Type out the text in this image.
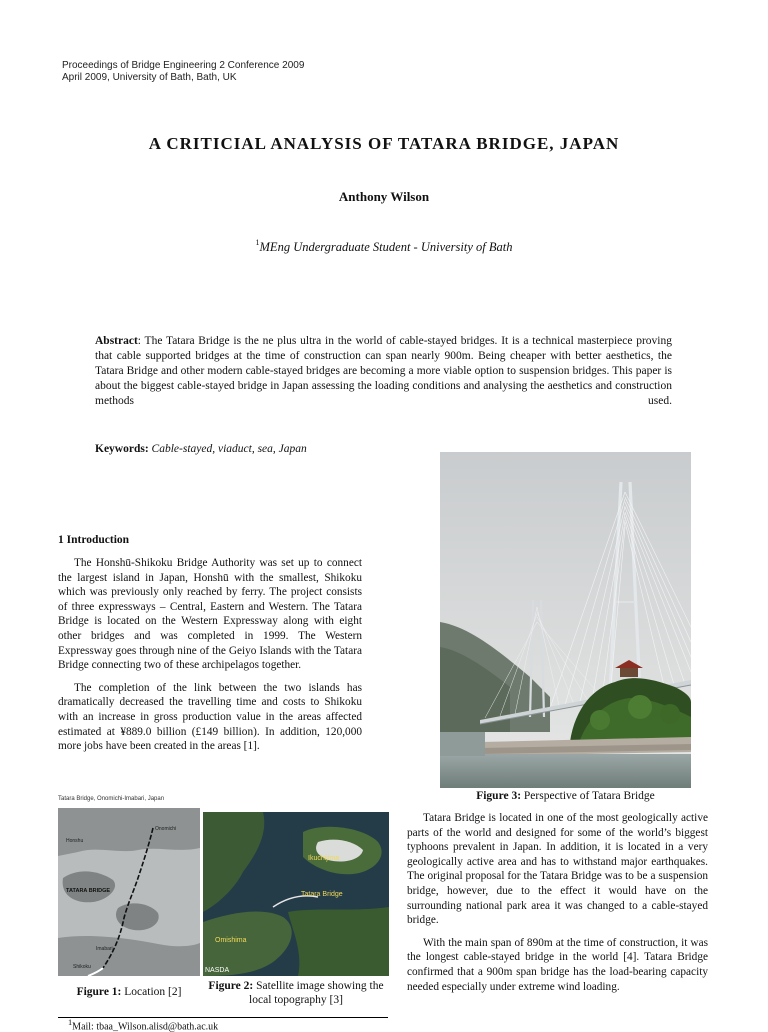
Proceedings of Bridge Engineering 2 Conference 2009
April 2009, University of Bath, Bath, UK
A CRITICIAL ANALYSIS OF TATARA BRIDGE, JAPAN
Anthony Wilson
$^1$MEng Undergraduate Student - University of Bath
Abstract: The Tatara Bridge is the ne plus ultra in the world of cable-stayed bridges. It is a technical masterpiece proving that cable supported bridges at the time of construction can span nearly 900m. Being cheaper with better aesthetics, the Tatara Bridge and other modern cable-stayed bridges are becoming a more viable option to suspension bridges. This paper is about the biggest cable-stayed bridge in Japan assessing the loading conditions and analysing the aesthetics and construction methods used.
Keywords: Cable-stayed, viaduct, sea, Japan
1 Introduction

The Honshū-Shikoku Bridge Authority was set up to connect the largest island in Japan, Honshū with the smallest, Shikoku which was previously only reached by ferry. The project consists of three expressways – Central, Eastern and Western. The Tatara Bridge is located on the Western Expressway along with eight other bridges and was completed in 1999. The Western Expressway goes through nine of the Geiyo Islands with the Tatara Bridge connecting two of these archipelagos together.

The completion of the link between the two islands has dramatically decreased the travelling time and costs to Shikoku with an increase in gross production value in the areas affected estimated at ¥889.0 billion (£149 billion). In addition, 120,000 more jobs have been created in the areas [1].

Figure 3: Perspective of Tatara Bridge

Tatara Bridge is located in one of the most geologically active parts of the world and designed for some of the world’s biggest typhoons prevalent in Japan. In addition, it is located in a very geologically active area and has to withstand major earthquakes. The original proposal for the Tatara Bridge was to be a suspension bridge, however, due to the effect it would have on the surrounding national park area it was changed to a cable-stayed bridge.

With the main span of 890m at the time of construction, it was the longest cable-stayed bridge in the world [4]. Tatara Bridge confirmed that a 900m span bridge has the load-bearing capacity needed especially under extreme wind loading.

Tatara Bridge, Onomichi-Imabari, Japan
Honshu
Onomichi
TATARA BRIDGE
Imabari
Shikoku
Figure 1: Location [2]
Ikuchijima
Tatara Bridge
Omishima
NASDA
Figure 2: Satellite image showing the local topography [3]
$^1$Mail: tbaa_Wilson.alisd@bath.ac.uk
